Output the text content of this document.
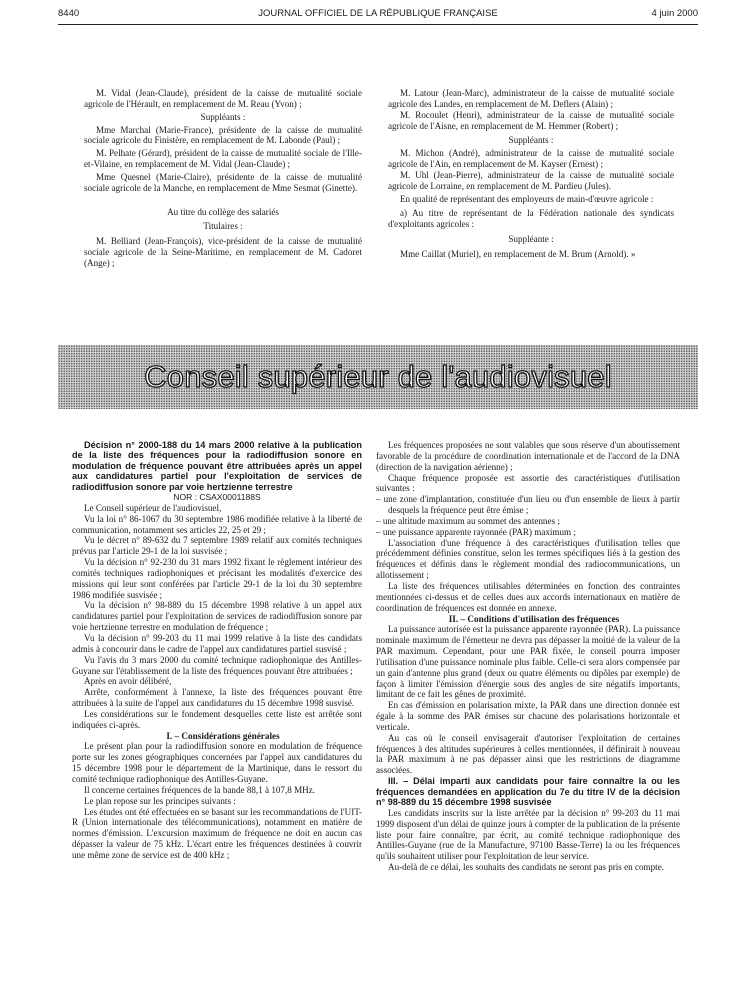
8440	JOURNAL OFFICIEL DE LA RÉPUBLIQUE FRANÇAISE	4 juin 2000

M. Vidal (Jean-Claude), président de la caisse de mutualité sociale agricole de l'Hérault, en remplacement de M. Reau (Yvon) ;

Suppléants :

Mme Marchal (Marie-France), présidente de la caisse de mutualité sociale agricole du Finistère, en remplacement de M. Labonde (Paul) ;

M. Pelhate (Gérard), président de la caisse de mutualité sociale de l'Ille-et-Vilaine, en remplacement de M. Vidal (Jean-Claude) ;

Mme Quesnel (Marie-Claire), présidente de la caisse de mutualité sociale agricole de la Manche, en remplacement de Mme Sesmat (Ginette).

Au titre du collège des salariés

Titulaires :

M. Belliard (Jean-François), vice-président de la caisse de mutualité sociale agricole de la Seine-Maritime, en remplacement de M. Cadoret (Ange) ;

M. Latour (Jean-Marc), administrateur de la caisse de mutualité sociale agricole des Landes, en remplacement de M. Deflers (Alain) ;

M. Rocoulet (Henri), administrateur de la caisse de mutualité sociale agricole de l'Aisne, en remplacement de M. Hemmer (Robert) ;

Suppléants :

M. Michon (André), administrateur de la caisse de mutualité sociale agricole de l'Ain, en remplacement de M. Kayser (Ernest) ;

M. Uhl (Jean-Pierre), administrateur de la caisse de mutualité sociale agricole de Lorraine, en remplacement de M. Pardieu (Jules).

En qualité de représentant des employeurs de main-d'œuvre agricole :

a) Au titre de représentant de la Fédération nationale des syndicats d'exploitants agricoles :

Suppléante :

Mme Caillat (Muriel), en remplacement de M. Brum (Arnold). »

Conseil supérieur de l'audiovisuel

Décision n° 2000-188 du 14 mars 2000 relative à la publication de la liste des fréquences pour la radiodiffusion sonore en modulation de fréquence pouvant être attribuées après un appel aux candidatures partiel pour l'exploitation de services de radiodiffusion sonore par voie hertzienne terrestre

NOR : CSAX0001188S

Le Conseil supérieur de l'audiovisuel,

Vu la loi n° 86-1067 du 30 septembre 1986 modifiée relative à la liberté de communication, notamment ses articles 22, 25 et 29 ;

Vu le décret n° 89-632 du 7 septembre 1989 relatif aux comités techniques prévus par l'article 29-1 de la loi susvisée ;

Vu la décision n° 92-230 du 31 mars 1992 fixant le règlement intérieur des comités techniques radiophoniques et précisant les modalités d'exercice des missions qui leur sont conférées par l'article 29-1 de la loi du 30 septembre 1986 modifiée susvisée ;

Vu la décision n° 98-889 du 15 décembre 1998 relative à un appel aux candidatures partiel pour l'exploitation de services de radiodiffusion sonore par voie hertzienne terrestre en modulation de fréquence ;

Vu la décision n° 99-203 du 11 mai 1999 relative à la liste des candidats admis à concourir dans le cadre de l'appel aux candidatures partiel susvisé ;

Vu l'avis du 3 mars 2000 du comité technique radiophonique des Antilles-Guyane sur l'établissement de la liste des fréquences pouvant être attribuées ;

Après en avoir délibéré,

Arrête, conformément à l'annexe, la liste des fréquences pouvant être attribuées à la suite de l'appel aux candidatures du 15 décembre 1998 susvisé.

Les considérations sur le fondement desquelles cette liste est arrêtée sont indiquées ci-après.

I. – Considérations générales

Le présent plan pour la radiodiffusion sonore en modulation de fréquence porte sur les zones géographiques concernées par l'appel aux candidatures du 15 décembre 1998 pour le département de la Martinique, dans le ressort du comité technique radiophonique des Antilles-Guyane.

Il concerne certaines fréquences de la bande 88,1 à 107,8 MHz.

Le plan repose sur les principes suivants :

Les études ont été effectuées en se basant sur les recommandations de l'UIT-R (Union internationale des télécommunications), notamment en matière de normes d'émission. L'excursion maximum de fréquence ne doit en aucun cas dépasser la valeur de 75 kHz. L'écart entre les fréquences destinées à couvrir une même zone de service est de 400 kHz ;

Les fréquences proposées ne sont valables que sous réserve d'un aboutissement favorable de la procédure de coordination internationale et de l'accord de la DNA (direction de la navigation aérienne) ;

Chaque fréquence proposée est assortie des caractéristiques d'utilisation suivantes :

– une zone d'implantation, constituée d'un lieu ou d'un ensemble de lieux à partir desquels la fréquence peut être émise ;

– une altitude maximum au sommet des antennes ;

– une puissance apparente rayonnée (PAR) maximum ;

L'association d'une fréquence à des caractéristiques d'utilisation telles que précédemment définies constitue, selon les termes spécifiques liés à la gestion des fréquences et définis dans le règlement mondial des radiocommunications, un allotissement ;

La liste des fréquences utilisables déterminées en fonction des contraintes mentionnées ci-dessus et de celles dues aux accords internationaux en matière de coordination de fréquences est donnée en annexe.

II. – Conditions d'utilisation des fréquences

La puissance autorisée est la puissance apparente rayonnée (PAR). La puissance nominale maximum de l'émetteur ne devra pas dépasser la moitié de la valeur de la PAR maximum. Cependant, pour une PAR fixée, le conseil pourra imposer l'utilisation d'une puissance nominale plus faible. Celle-ci sera alors compensée par un gain d'antenne plus grand (deux ou quatre éléments ou dipôles par exemple) de façon à limiter l'émission d'énergie sous des angles de site négatifs importants, limitant de ce fait les gênes de proximité.

En cas d'émission en polarisation mixte, la PAR dans une direction donnée est égale à la somme des PAR émises sur chacune des polarisations horizontale et verticale.

Au cas où le conseil envisagerait d'autoriser l'exploitation de certaines fréquences à des altitudes supérieures à celles mentionnées, il définirait à nouveau la PAR maximum à ne pas dépasser ainsi que les restrictions de diagramme associées.

III. – Délai imparti aux candidats pour faire connaître la ou les fréquences demandées en application du 7e du titre IV de la décision n° 98-889 du 15 décembre 1998 susvisée

Les candidats inscrits sur la liste arrêtée par la décision n° 99-203 du 11 mai 1999 disposent d'un délai de quinze jours à compter de la publication de la présente liste pour faire connaître, par écrit, au comité technique radiophonique des Antilles-Guyane (rue de la Manufacture, 97100 Basse-Terre) la ou les fréquences qu'ils souhaitent utiliser pour l'exploitation de leur service.

Au-delà de ce délai, les souhaits des candidats ne seront pas pris en compte.
